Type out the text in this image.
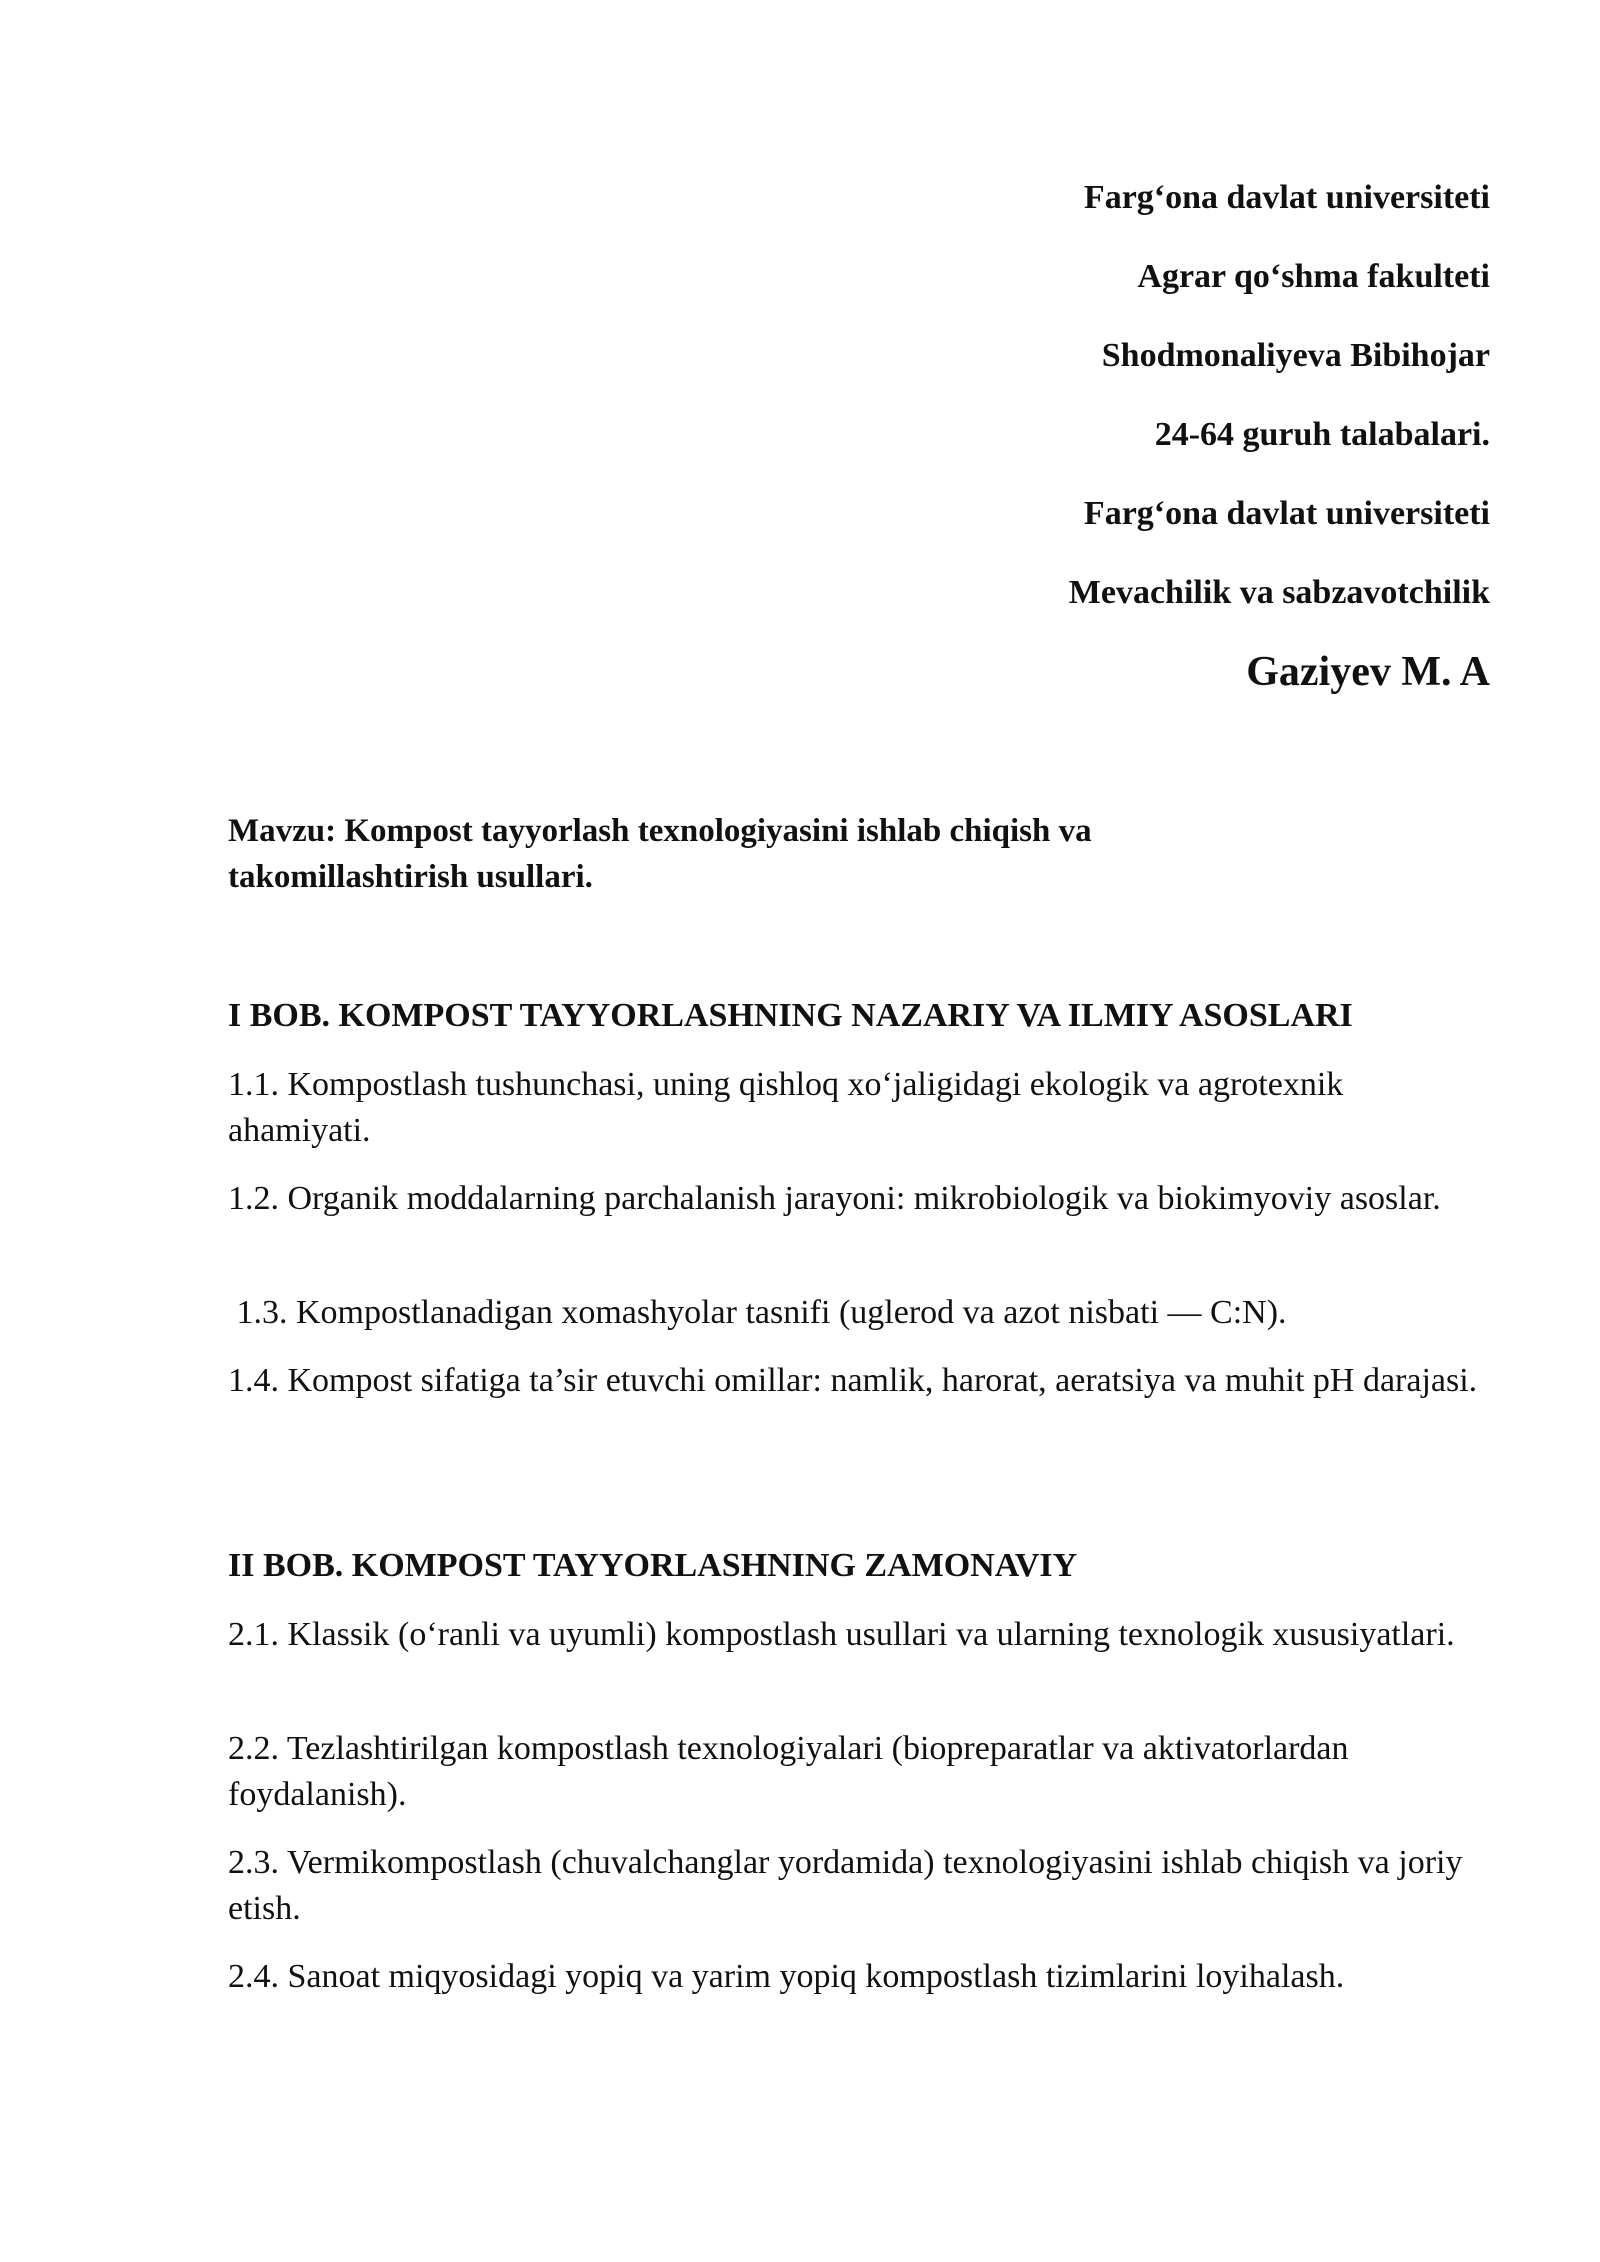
Farg‘ona davlat universiteti
Agrar qo‘shma fakulteti
Shodmonaliyeva Bibihojar
24-64 guruh talabalari.
Farg‘ona davlat universiteti
Mevachilik va sabzavotchilik
Gaziyev M. A
Mavzu: Kompost tayyorlash texnologiyasini ishlab chiqish va takomillashtirish usullari.
I BOB. KOMPOST TAYYORLASHNING NAZARIY VA ILMIY ASOSLARI
1.1. Kompostlash tushunchasi, uning qishloq xo‘jaligidagi ekologik va agrotexnik ahamiyati.
1.2. Organik moddalarning parchalanish jarayoni: mikrobiologik va biokimyoviy asoslar.
1.3. Kompostlanadigan xomashyolar tasnifi (uglerod va azot nisbati — C:N).
1.4. Kompost sifatiga ta’sir etuvchi omillar: namlik, harorat, aeratsiya va muhit pH darajasi.
II BOB. KOMPOST TAYYORLASHNING ZAMONAVIY
2.1. Klassik (o‘ranli va uyumli) kompostlash usullari va ularning texnologik xususiyatlari.
2.2. Tezlashtirilgan kompostlash texnologiyalari (biopreparatlar va aktivatorlardan foydalanish).
2.3. Vermikompostlash (chuvalchanglar yordamida) texnologiyasini ishlab chiqish va joriy etish.
2.4. Sanoat miqyosidagi yopiq va yarim yopiq kompostlash tizimlarini loyihalash.
